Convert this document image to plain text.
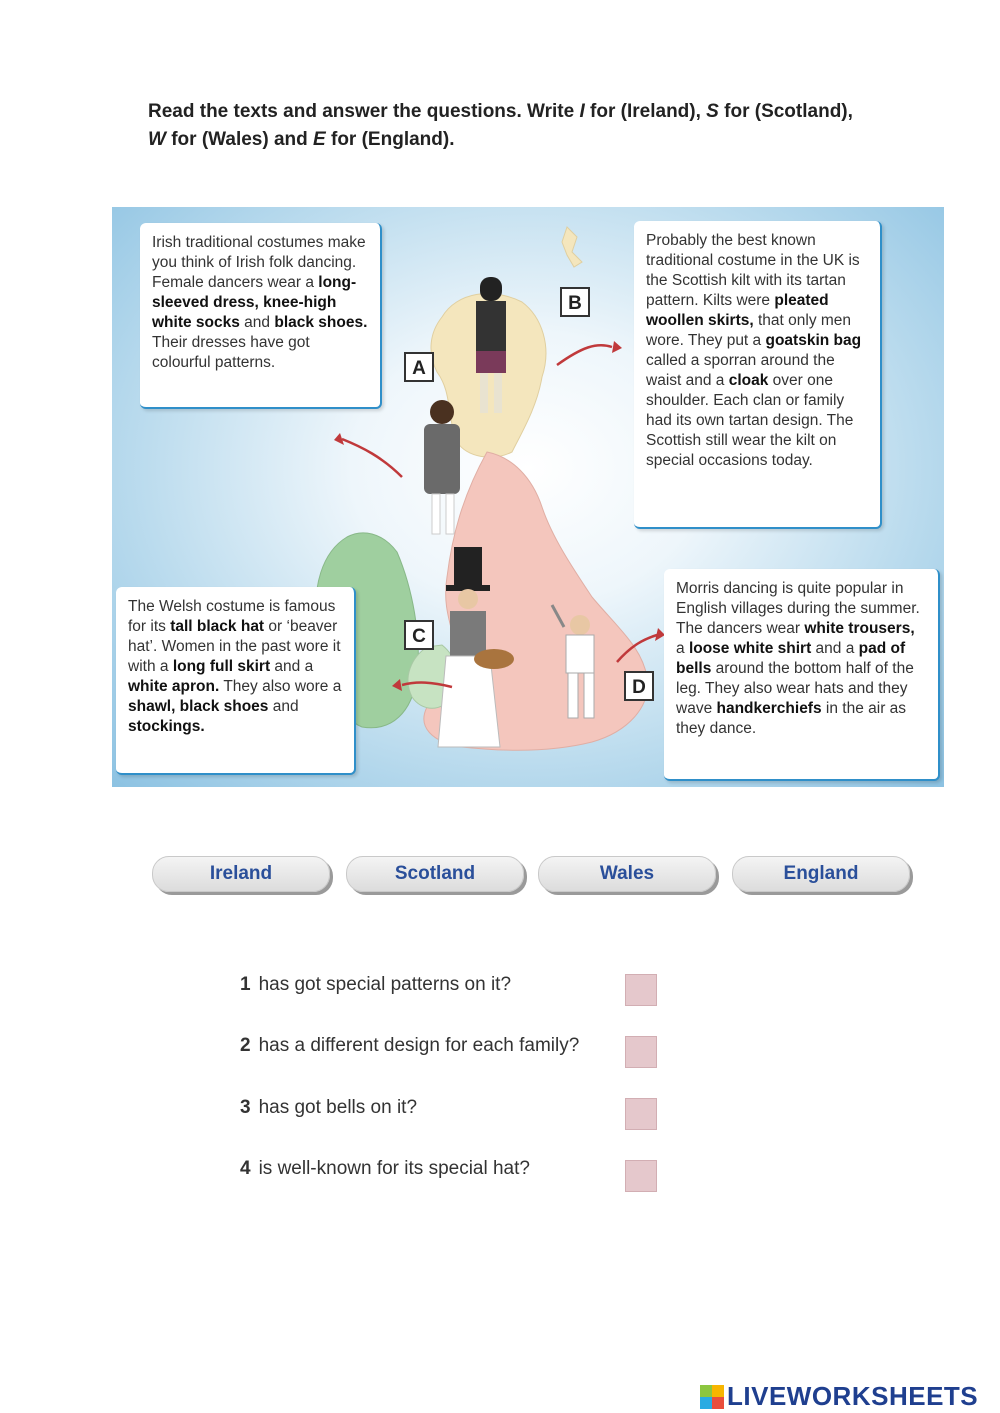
Read the texts and answer the questions. Write I for (Ireland), S for (Scotland),
W for (Wales) and E for (England).
Irish traditional costumes make you think of Irish folk dancing. Female dancers wear a long-sleeved dress, knee-high white socks and black shoes. Their dresses have got colourful patterns.
Probably the best known traditional costume in the UK is the Scottish kilt with its tartan pattern. Kilts were pleated woollen skirts, that only men wore. They put a goatskin bag called a sporran around the waist and a cloak over one shoulder. Each clan or family had its own tartan design. The Scottish still wear the kilt on special occasions today.
The Welsh costume is famous for its tall black hat or ‘beaver hat’. Women in the past wore it with a long full skirt and a white apron. They also wore a shawl, black shoes and stockings.
Morris dancing is quite popular in English villages during the summer. The dancers wear white trousers, a loose white shirt and a pad of bells around the bottom half of the leg. They also wear hats and they wave handkerchiefs in the air as they dance.
A
B
C
D
Ireland	Scotland	Wales	England
1 has got special patterns on it?
2 has a different design for each family?
3 has got bells on it?
4 is well-known for its special hat?
LIVEWORKSHEETS
